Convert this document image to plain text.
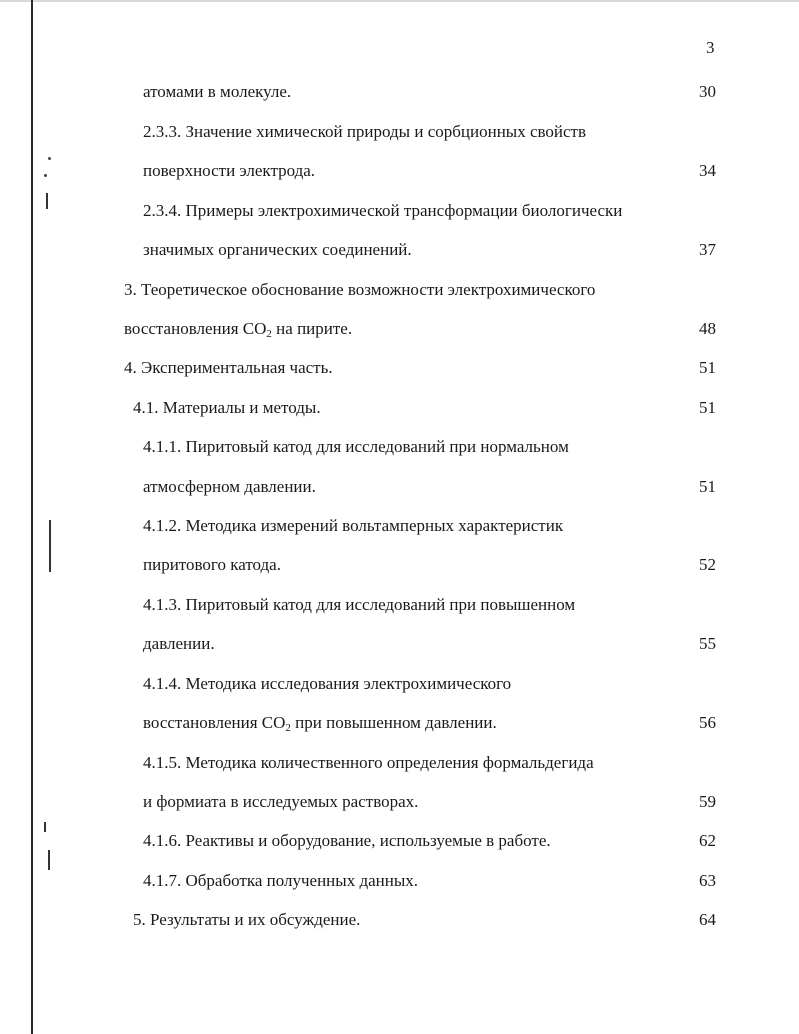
3
атомами в молекуле.	30
2.3.3. Значение химической природы и сорбционных свойств
поверхности электрода.	34
2.3.4. Примеры электрохимической трансформации биологически
значимых органических соединений.	37
3. Теоретическое обоснование возможности электрохимического
восстановления $CO_2$ на пирите.	48
4. Экспериментальная часть.	51
4.1. Материалы и методы.	51
4.1.1. Пиритовый катод для исследований при нормальном
атмосферном давлении.	51
4.1.2. Методика измерений вольтамперных характеристик
пиритового катода.	52
4.1.3. Пиритовый катод для исследований при повышенном
давлении.	55
4.1.4. Методика исследования электрохимического
восстановления $CO_2$ при повышенном давлении.	56
4.1.5. Методика количественного определения формальдегида
и формиата в исследуемых растворах.	59
4.1.6. Реактивы и оборудование, используемые в работе.	62
4.1.7. Обработка полученных данных.	63
5. Результаты и их обсуждение.	64
